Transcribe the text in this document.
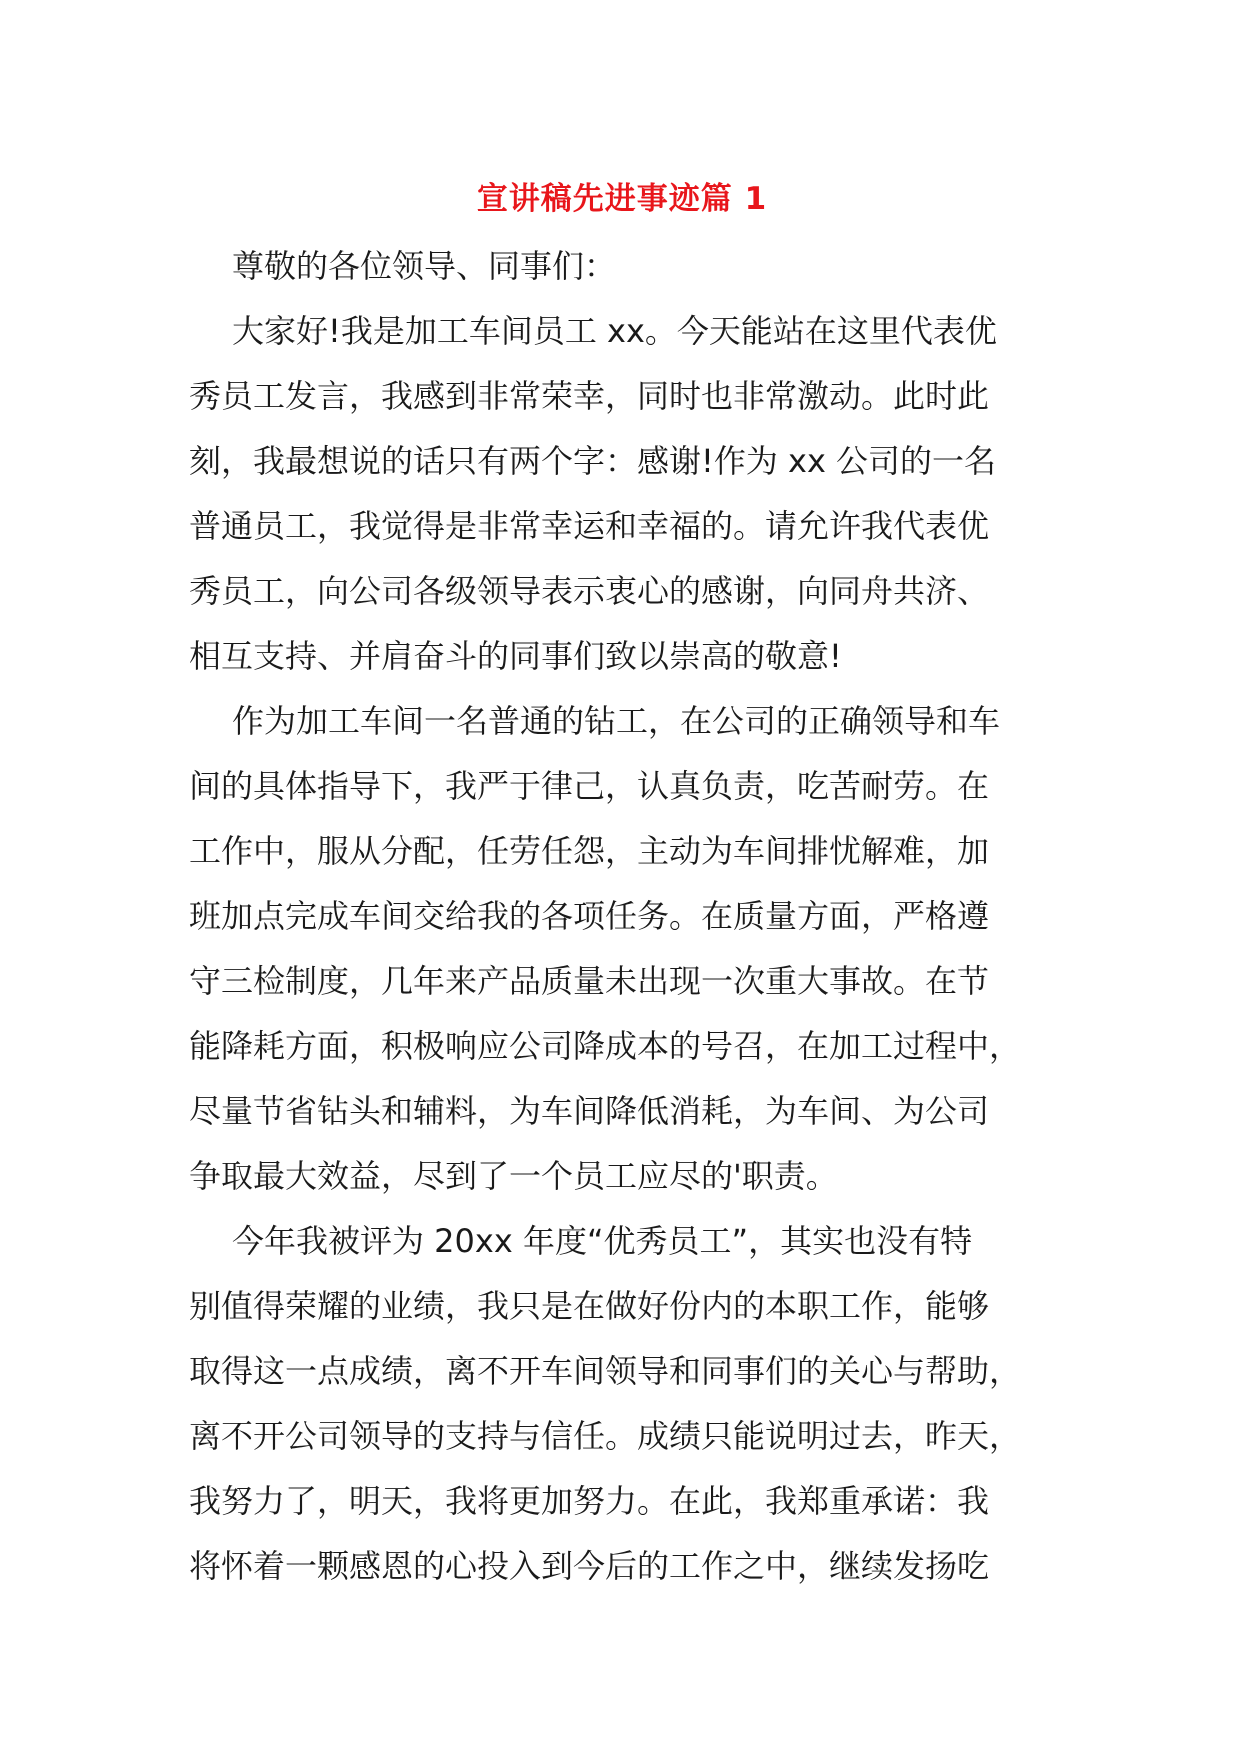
宣讲稿先进事迹篇 1

尊敬的各位领导、同事们：

大家好!我是加工车间员工 xx。今天能站在这里代表优
秀员工发言，我感到非常荣幸，同时也非常激动。此时此
刻，我最想说的话只有两个字：感谢!作为 xx 公司的一名
普通员工，我觉得是非常幸运和幸福的。请允许我代表优
秀员工，向公司各级领导表示衷心的感谢，向同舟共济、
相互支持、并肩奋斗的同事们致以崇高的敬意!

作为加工车间一名普通的钻工，在公司的正确领导和车
间的具体指导下，我严于律己，认真负责，吃苦耐劳。在
工作中，服从分配，任劳任怨，主动为车间排忧解难，加
班加点完成车间交给我的各项任务。在质量方面，严格遵
守三检制度，几年来产品质量未出现一次重大事故。在节
能降耗方面，积极响应公司降成本的号召，在加工过程中，
尽量节省钻头和辅料，为车间降低消耗，为车间、为公司
争取最大效益，尽到了一个员工应尽的'职责。

今年我被评为 20xx 年度“优秀员工”，其实也没有特
别值得荣耀的业绩，我只是在做好份内的本职工作，能够
取得这一点成绩，离不开车间领导和同事们的关心与帮助，
离不开公司领导的支持与信任。成绩只能说明过去，昨天，
我努力了，明天，我将更加努力。在此，我郑重承诺：我
将怀着一颗感恩的心投入到今后的工作之中，继续发扬吃
